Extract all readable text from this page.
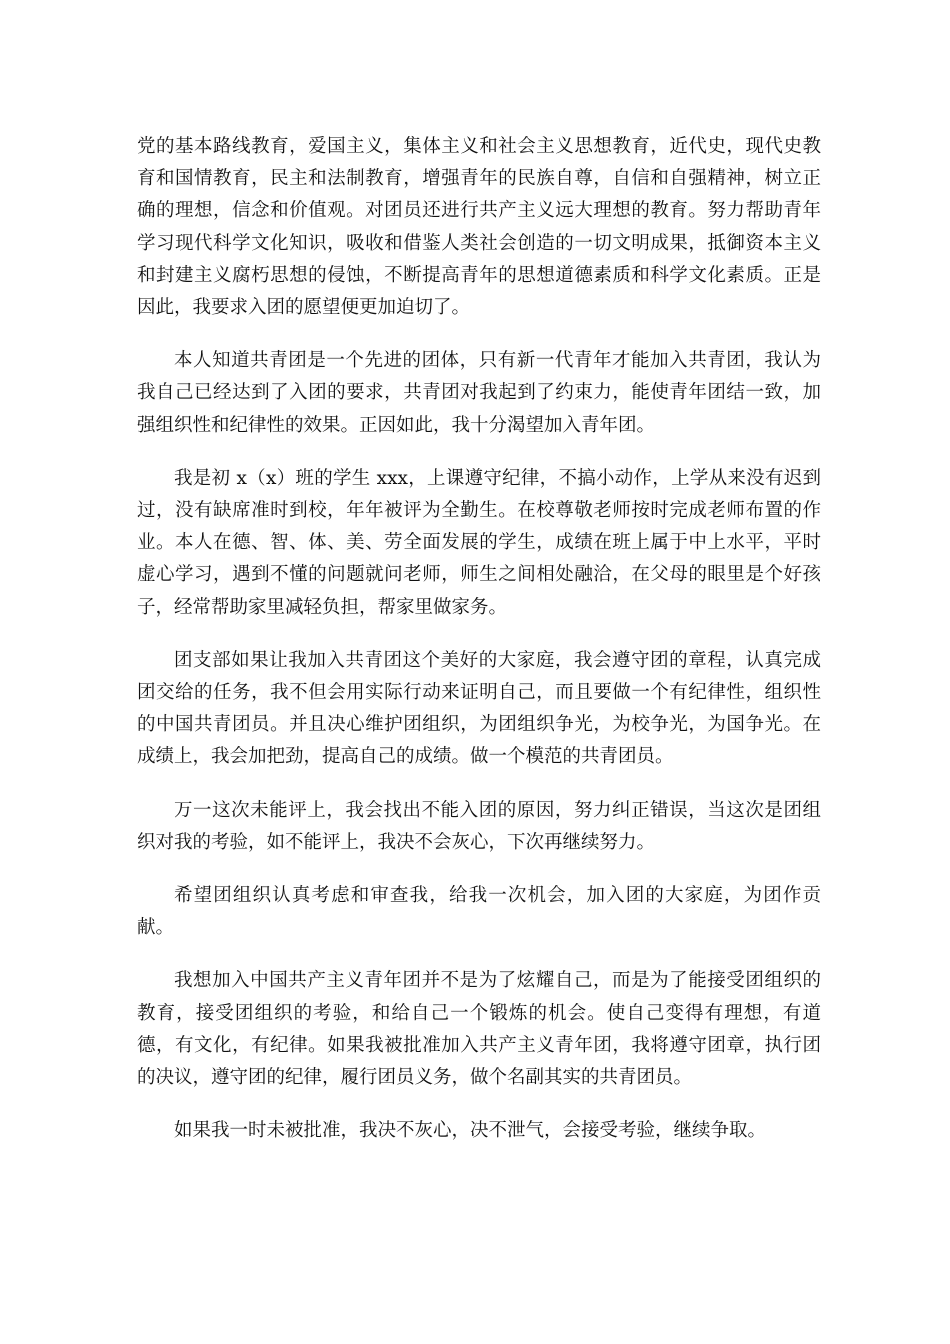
党的基本路线教育，爱国主义，集体主义和社会主义思想教育，近代史，现代史教育和国情教育，民主和法制教育，增强青年的民族自尊，自信和自强精神，树立正确的理想，信念和价值观。对团员还进行共产主义远大理想的教育。努力帮助青年学习现代科学文化知识，吸收和借鉴人类社会创造的一切文明成果，抵御资本主义和封建主义腐朽思想的侵蚀，不断提高青年的思想道德素质和科学文化素质。正是因此，我要求入团的愿望便更加迫切了。

本人知道共青团是一个先进的团体，只有新一代青年才能加入共青团，我认为我自己已经达到了入团的要求，共青团对我起到了约束力，能使青年团结一致，加强组织性和纪律性的效果。正因如此，我十分渴望加入青年团。

我是初 x（x）班的学生 xxx，上课遵守纪律，不搞小动作，上学从来没有迟到过，没有缺席准时到校，年年被评为全勤生。在校尊敬老师按时完成老师布置的作业。本人在德、智、体、美、劳全面发展的学生，成绩在班上属于中上水平，平时虚心学习，遇到不懂的问题就问老师，师生之间相处融洽，在父母的眼里是个好孩子，经常帮助家里减轻负担，帮家里做家务。

团支部如果让我加入共青团这个美好的大家庭，我会遵守团的章程，认真完成团交给的任务，我不但会用实际行动来证明自己，而且要做一个有纪律性，组织性的中国共青团员。并且决心维护团组织，为团组织争光，为校争光，为国争光。在成绩上，我会加把劲，提高自己的成绩。做一个模范的共青团员。

万一这次未能评上，我会找出不能入团的原因，努力纠正错误，当这次是团组织对我的考验，如不能评上，我决不会灰心，下次再继续努力。

希望团组织认真考虑和审查我，给我一次机会，加入团的大家庭，为团作贡献。

我想加入中国共产主义青年团并不是为了炫耀自己，而是为了能接受团组织的教育，接受团组织的考验，和给自己一个锻炼的机会。使自己变得有理想，有道德，有文化，有纪律。如果我被批准加入共产主义青年团，我将遵守团章，执行团的决议，遵守团的纪律，履行团员义务，做个名副其实的共青团员。

如果我一时未被批准，我决不灰心，决不泄气，会接受考验，继续争取。
